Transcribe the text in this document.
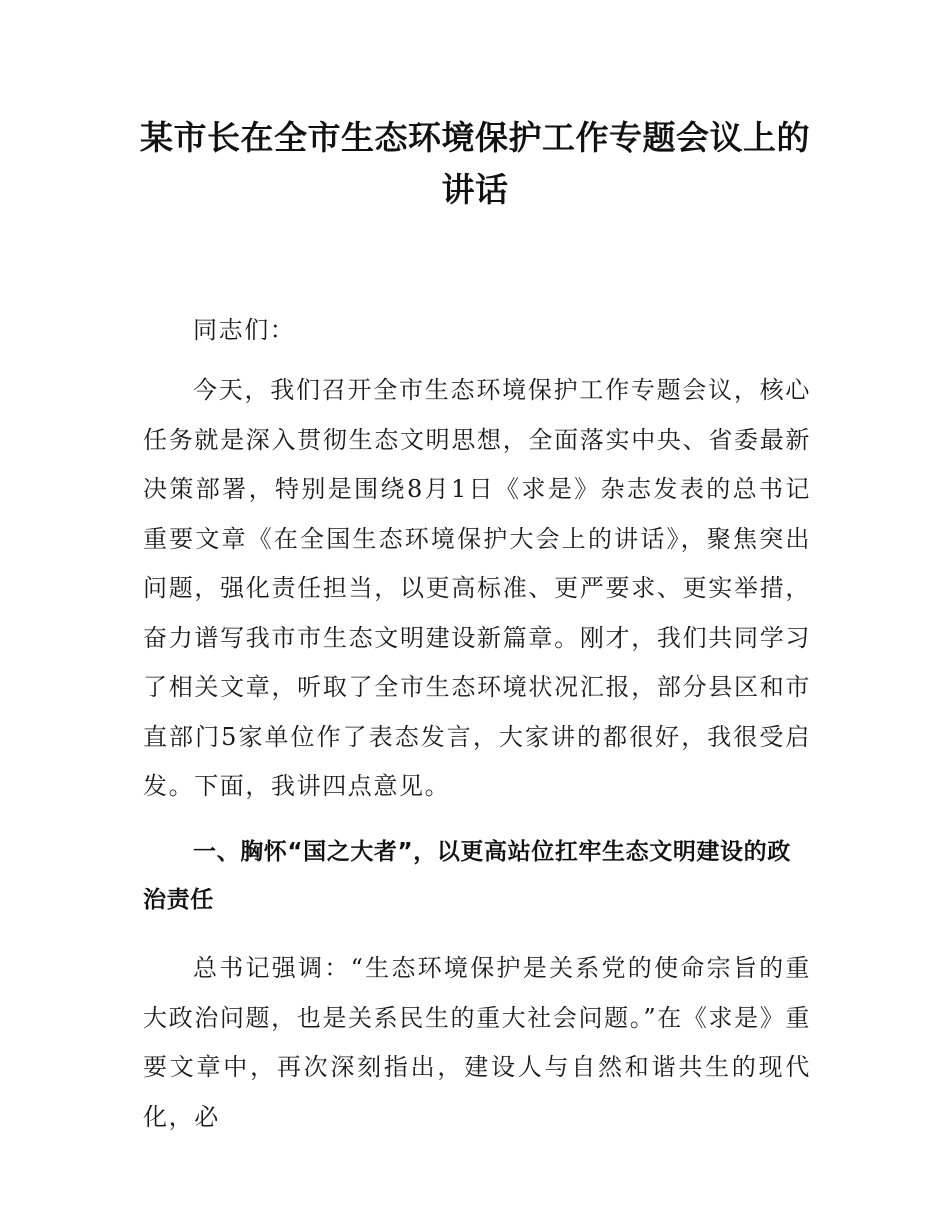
某市长在全市生态环境保护工作专题会议上的讲话
同志们：
今天，我们召开全市生态环境保护工作专题会议，核心任务就是深入贯彻生态文明思想，全面落实中央、省委最新决策部署，特别是围绕8月1日《求是》杂志发表的总书记重要文章《在全国生态环境保护大会上的讲话》，聚焦突出问题，强化责任担当，以更高标准、更严要求、更实举措，奋力谱写我市市生态文明建设新篇章。刚才，我们共同学习了相关文章，听取了全市生态环境状况汇报，部分县区和市直部门5家单位作了表态发言，大家讲的都很好，我很受启发。下面，我讲四点意见。
一、胸怀“国之大者”，以更高站位扛牢生态文明建设的政治责任
总书记强调：“生态环境保护是关系党的使命宗旨的重大政治问题，也是关系民生的重大社会问题。”在《求是》重要文章中，再次深刻指出，建设人与自然和谐共生的现代化，必
